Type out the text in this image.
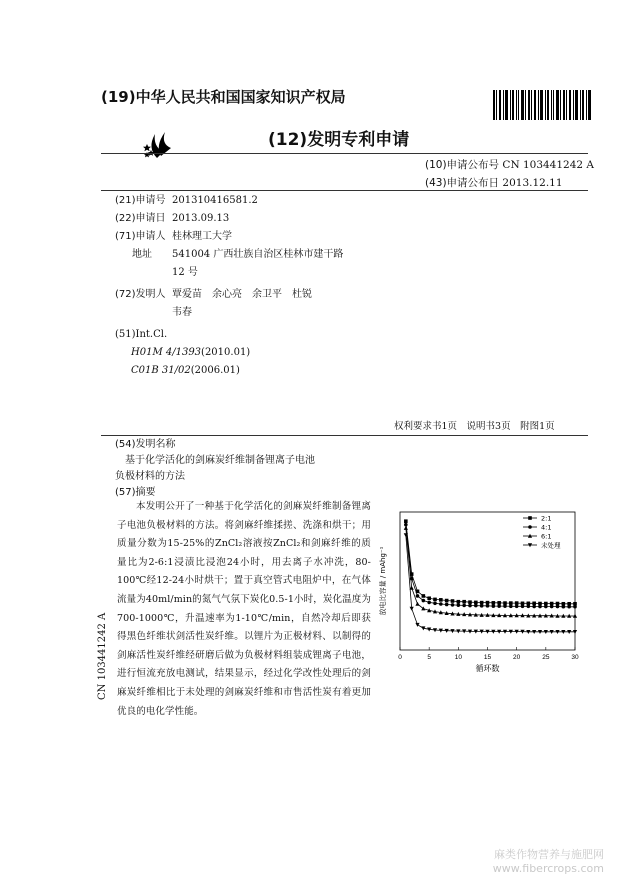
(19)中华人民共和国国家知识产权局
(12)发明专利申请
(10)申请公布号 CN 103441242 A
(43)申请公布日 2013.12.11
(21)申请号 201310416581.2
(22)申请日 2013.09.13
(71)申请人 桂林理工大学
地址 541004 广西壮族自治区桂林市建干路
12 号
(72)发明人 覃爱苗　余心亮　余卫平　杜锐
韦春
(51)Int.Cl.
H01M 4/1393(2010.01)
C01B 31/02(2006.01)
权利要求书1页　说明书3页　附图1页
(54)发明名称
基于化学活化的剑麻炭纤维制备锂离子电池
负极材料的方法
(57)摘要

本发明公开了一种基于化学活化的剑麻炭纤维制备锂离子电池负极材料的方法。将剑麻纤维揉搓、洗涤和烘干；用质量分数为15-25%的ZnCl₂溶液按ZnCl₂和剑麻纤维的质量比为2-6:1浸渍比浸泡24小时，用去离子水冲洗，80-100℃经12-24小时烘干；置于真空管式电阻炉中，在气体流量为40ml/min的氮气气氛下炭化0.5-1小时，炭化温度为700-1000℃，升温速率为1-10℃/min，自然冷却后即获得黑色纤维状剑活性炭纤维。以锂片为正极材料、以制得的剑麻活性炭纤维经研磨后做为负极材料组装成锂离子电池，进行恒流充放电测试，结果显示，经过化学改性处理后的剑麻炭纤维相比于未处理的剑麻炭纤维和市售活性炭有着更加优良的电化学性能。

0	5	10	15	20	25	30
循环数
放电比容量 / mAhg⁻¹
2:1
4:1
6:1
未处理
CN 103441242 A
麻类作物营养与施肥网
www.fibercrops.com
